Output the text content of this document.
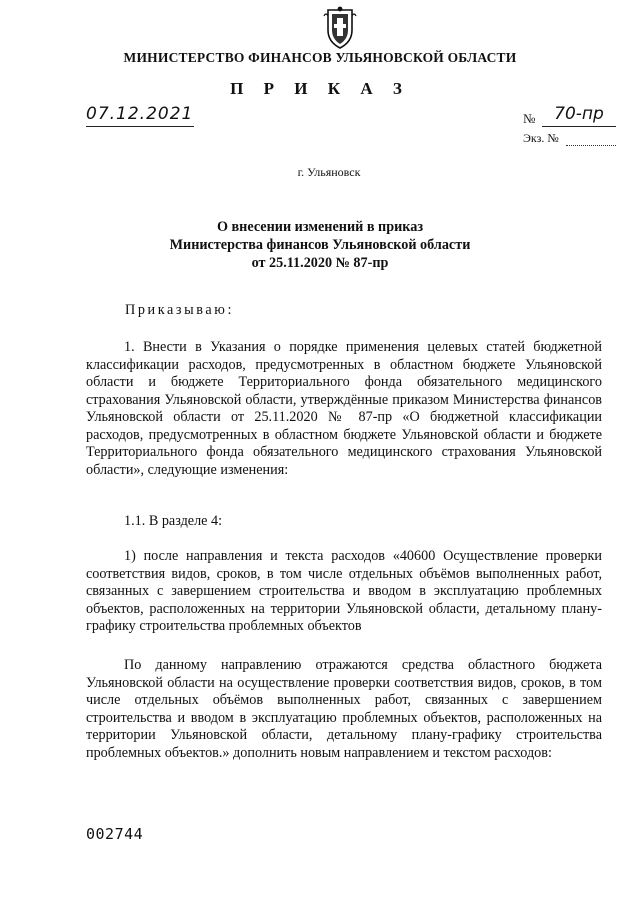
МИНИСТЕРСТВО ФИНАНСОВ УЛЬЯНОВСКОЙ ОБЛАСТИ
П Р И К А З
07.12.2021	№	70-пр
Экз. №
г. Ульяновск
О внесении изменений в приказ
Министерства финансов Ульяновской области
от 25.11.2020 № 87-пр
Приказываю:

1. Внести в Указания о порядке применения целевых статей бюджетной классификации расходов, предусмотренных в областном бюджете Ульяновской области и бюджете Территориального фонда обязательного медицинского страхования Ульяновской области, утверждённые приказом Министерства финансов Ульяновской области от 25.11.2020 № 87-пр «О бюджетной классификации расходов, предусмотренных в областном бюджете Ульяновской области и бюджете Территориального фонда обязательного медицинского страхования Ульяновской области», следующие изменения:

1.1. В разделе 4:

1) после направления и текста расходов «40600 Осуществление проверки соответствия видов, сроков, в том числе отдельных объёмов выполненных работ, связанных с завершением строительства и вводом в эксплуатацию проблемных объектов, расположенных на территории Ульяновской области, детальному плану-графику строительства проблемных объектов

По данному направлению отражаются средства областного бюджета Ульяновской области на осуществление проверки соответствия видов, сроков, в том числе отдельных объёмов выполненных работ, связанных с завершением строительства и вводом в эксплуатацию проблемных объектов, расположенных на территории Ульяновской области, детальному плану-графику строительства проблемных объектов.» дополнить новым направлением и текстом расходов:

002744
